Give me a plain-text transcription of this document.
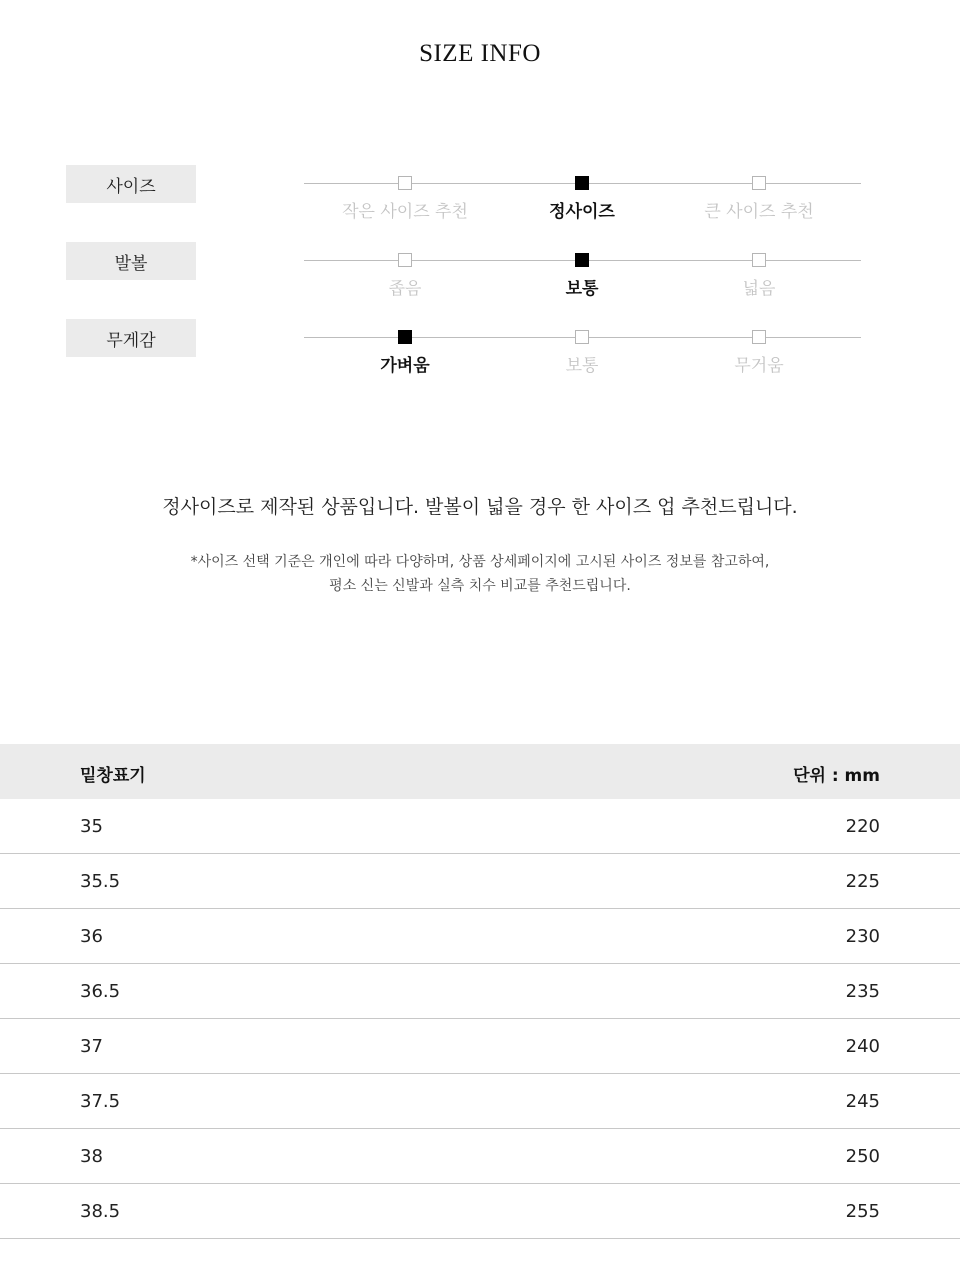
SIZE INFO
사이즈
작은 사이즈 추천	정사이즈	큰 사이즈 추천
발볼
좁음	보통	넓음
무게감
가벼움	보통	무거움
정사이즈로 제작된 상품입니다. 발볼이 넓을 경우 한 사이즈 업 추천드립니다.
*사이즈 선택 기준은 개인에 따라 다양하며, 상품 상세페이지에 고시된 사이즈 정보를 참고하여,
평소 신는 신발과 실측 치수 비교를 추천드립니다.
밑창표기	단위 : mm
35	220
35.5	225
36	230
36.5	235
37	240
37.5	245
38	250
38.5	255
